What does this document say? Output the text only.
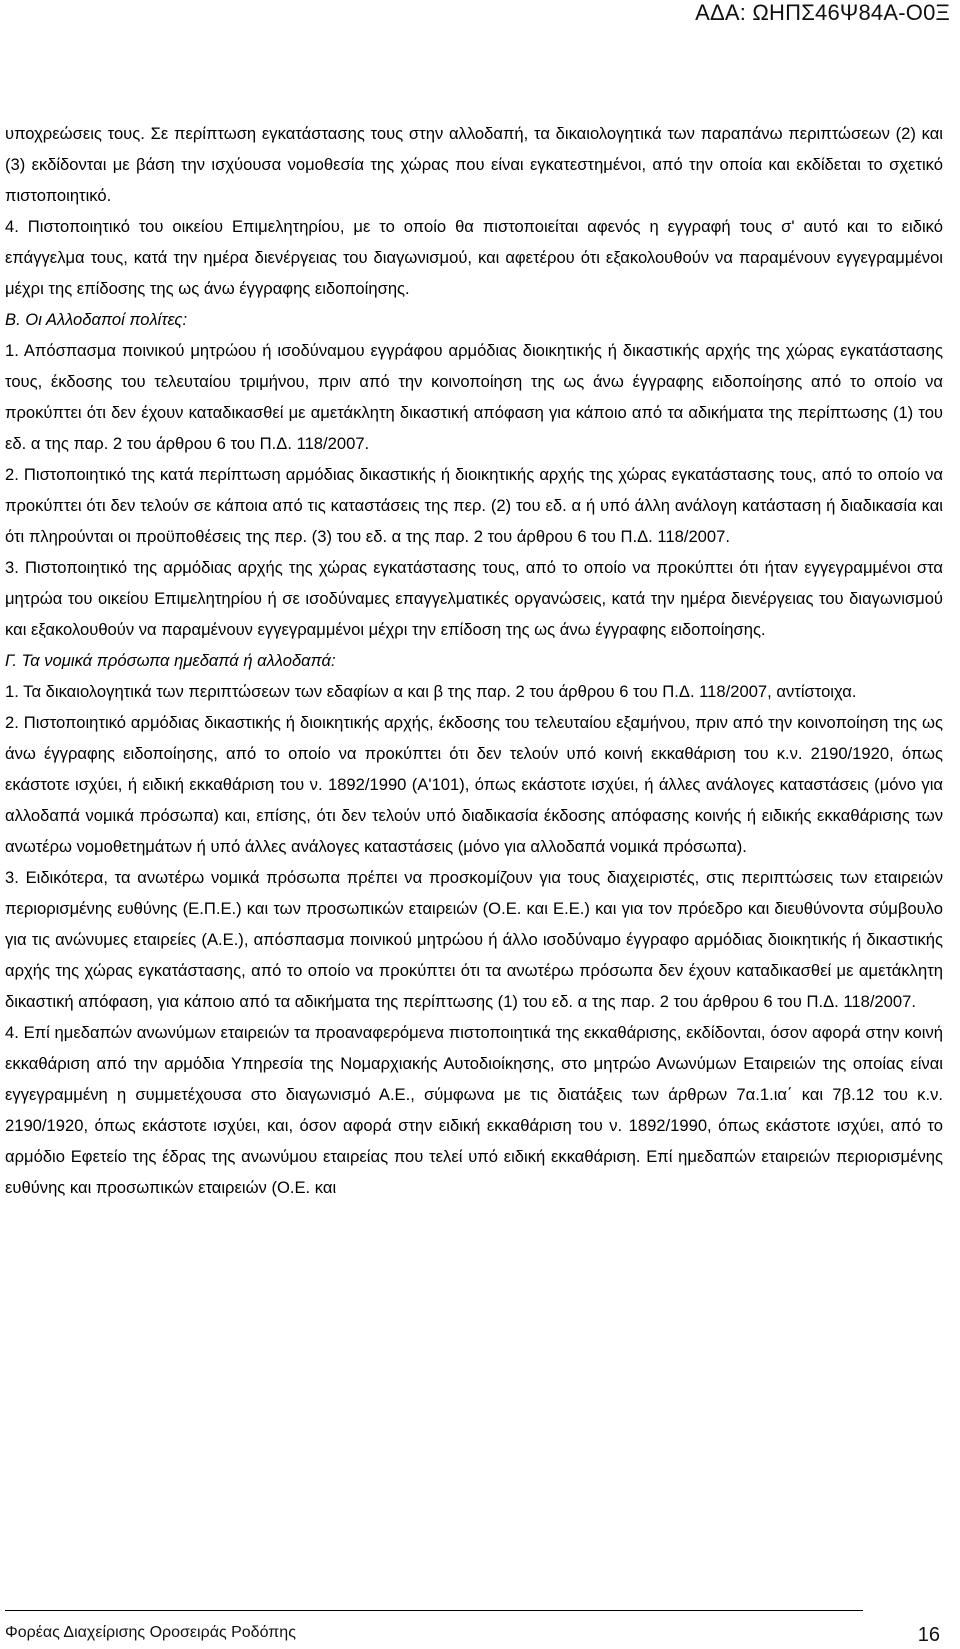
ΑΔΑ: ΩΗΠΣ46Ψ84Α-Ο0Ξ

υποχρεώσεις τους. Σε περίπτωση εγκατάστασης τους στην αλλοδαπή, τα δικαιολογητικά των παραπάνω περιπτώσεων (2) και (3) εκδίδονται με βάση την ισχύουσα νομοθεσία της χώρας που είναι εγκατεστημένοι, από την οποία και εκδίδεται το σχετικό πιστοποιητικό.

4. Πιστοποιητικό του οικείου Επιμελητηρίου, με το οποίο θα πιστοποιείται αφενός η εγγραφή τους σ' αυτό και το ειδικό επάγγελμα τους, κατά την ημέρα διενέργειας του διαγωνισμού, και αφετέρου ότι εξακολουθούν να παραμένουν εγγεγραμμένοι μέχρι της επίδοσης της ως άνω έγγραφης ειδοποίησης.

Β. Οι Αλλοδαποί πολίτες:

1. Απόσπασμα ποινικού μητρώου ή ισοδύναμου εγγράφου αρμόδιας διοικητικής ή δικαστικής αρχής της χώρας εγκατάστασης τους, έκδοσης του τελευταίου τριμήνου, πριν από την κοινοποίηση της ως άνω έγγραφης ειδοποίησης από το οποίο να προκύπτει ότι δεν έχουν καταδικασθεί με αμετάκλητη δικαστική απόφαση για κάποιο από τα αδικήματα της περίπτωσης (1) του εδ. α της παρ. 2 του άρθρου 6 του Π.Δ. 118/2007.

2. Πιστοποιητικό της κατά περίπτωση αρμόδιας δικαστικής ή διοικητικής αρχής της χώρας εγκατάστασης τους, από το οποίο να προκύπτει ότι δεν τελούν σε κάποια από τις καταστάσεις της περ. (2) του εδ. α ή υπό άλλη ανάλογη κατάσταση ή διαδικασία και ότι πληρούνται οι προϋποθέσεις της περ. (3) του εδ. α της παρ. 2 του άρθρου 6 του Π.Δ. 118/2007.

3. Πιστοποιητικό της αρμόδιας αρχής της χώρας εγκατάστασης τους, από το οποίο να προκύπτει ότι ήταν εγγεγραμμένοι στα μητρώα του οικείου Επιμελητηρίου ή σε ισοδύναμες επαγγελματικές οργανώσεις, κατά την ημέρα διενέργειας του διαγωνισμού και εξακολουθούν να παραμένουν εγγεγραμμένοι μέχρι την επίδοση της ως άνω έγγραφης ειδοποίησης.

Γ. Τα νομικά πρόσωπα ημεδαπά ή αλλοδαπά:

1. Τα δικαιολογητικά των περιπτώσεων των εδαφίων α και β της παρ. 2 του άρθρου 6 του Π.Δ. 118/2007, αντίστοιχα.

2. Πιστοποιητικό αρμόδιας δικαστικής ή διοικητικής αρχής, έκδοσης του τελευταίου εξαμήνου, πριν από την κοινοποίηση της ως άνω έγγραφης ειδοποίησης, από το οποίο να προκύπτει ότι δεν τελούν υπό κοινή εκκαθάριση του κ.ν. 2190/1920, όπως εκάστοτε ισχύει, ή ειδική εκκαθάριση του ν. 1892/1990 (Α'101), όπως εκάστοτε ισχύει, ή άλλες ανάλογες καταστάσεις (μόνο για αλλοδαπά νομικά πρόσωπα) και, επίσης, ότι δεν τελούν υπό διαδικασία έκδοσης απόφασης κοινής ή ειδικής εκκαθάρισης των ανωτέρω νομοθετημάτων ή υπό άλλες ανάλογες καταστάσεις (μόνο για αλλοδαπά νομικά πρόσωπα).

3. Ειδικότερα, τα ανωτέρω νομικά πρόσωπα πρέπει να προσκομίζουν για τους διαχειριστές, στις περιπτώσεις των εταιρειών περιορισμένης ευθύνης (Ε.Π.Ε.) και των προσωπικών εταιρειών (Ο.Ε. και Ε.Ε.) και για τον πρόεδρο και διευθύνοντα σύμβουλο για τις ανώνυμες εταιρείες (Α.Ε.), απόσπασμα ποινικού μητρώου ή άλλο ισοδύναμο έγγραφο αρμόδιας διοικητικής ή δικαστικής αρχής της χώρας εγκατάστασης, από το οποίο να προκύπτει ότι τα ανωτέρω πρόσωπα δεν έχουν καταδικασθεί με αμετάκλητη δικαστική απόφαση, για κάποιο από τα αδικήματα της περίπτωσης (1) του εδ. α της παρ. 2 του άρθρου 6 του Π.Δ. 118/2007.

4. Επί ημεδαπών ανωνύμων εταιρειών τα προαναφερόμενα πιστοποιητικά της εκκαθάρισης, εκδίδονται, όσον αφορά στην κοινή εκκαθάριση από την αρμόδια Υπηρεσία της Νομαρχιακής Αυτοδιοίκησης, στο μητρώο Ανωνύμων Εταιρειών της οποίας είναι εγγεγραμμένη η συμμετέχουσα στο διαγωνισμό Α.Ε., σύμφωνα με τις διατάξεις των άρθρων 7α.1.ια΄ και 7β.12 του κ.ν. 2190/1920, όπως εκάστοτε ισχύει, και, όσον αφορά στην ειδική εκκαθάριση του ν. 1892/1990, όπως εκάστοτε ισχύει, από το αρμόδιο Εφετείο της έδρας της ανωνύμου εταιρείας που τελεί υπό ειδική εκκαθάριση. Επί ημεδαπών εταιρειών περιορισμένης ευθύνης και προσωπικών εταιρειών (Ο.Ε. και

Φορέας Διαχείρισης Οροσειράς Ροδόπης	16
